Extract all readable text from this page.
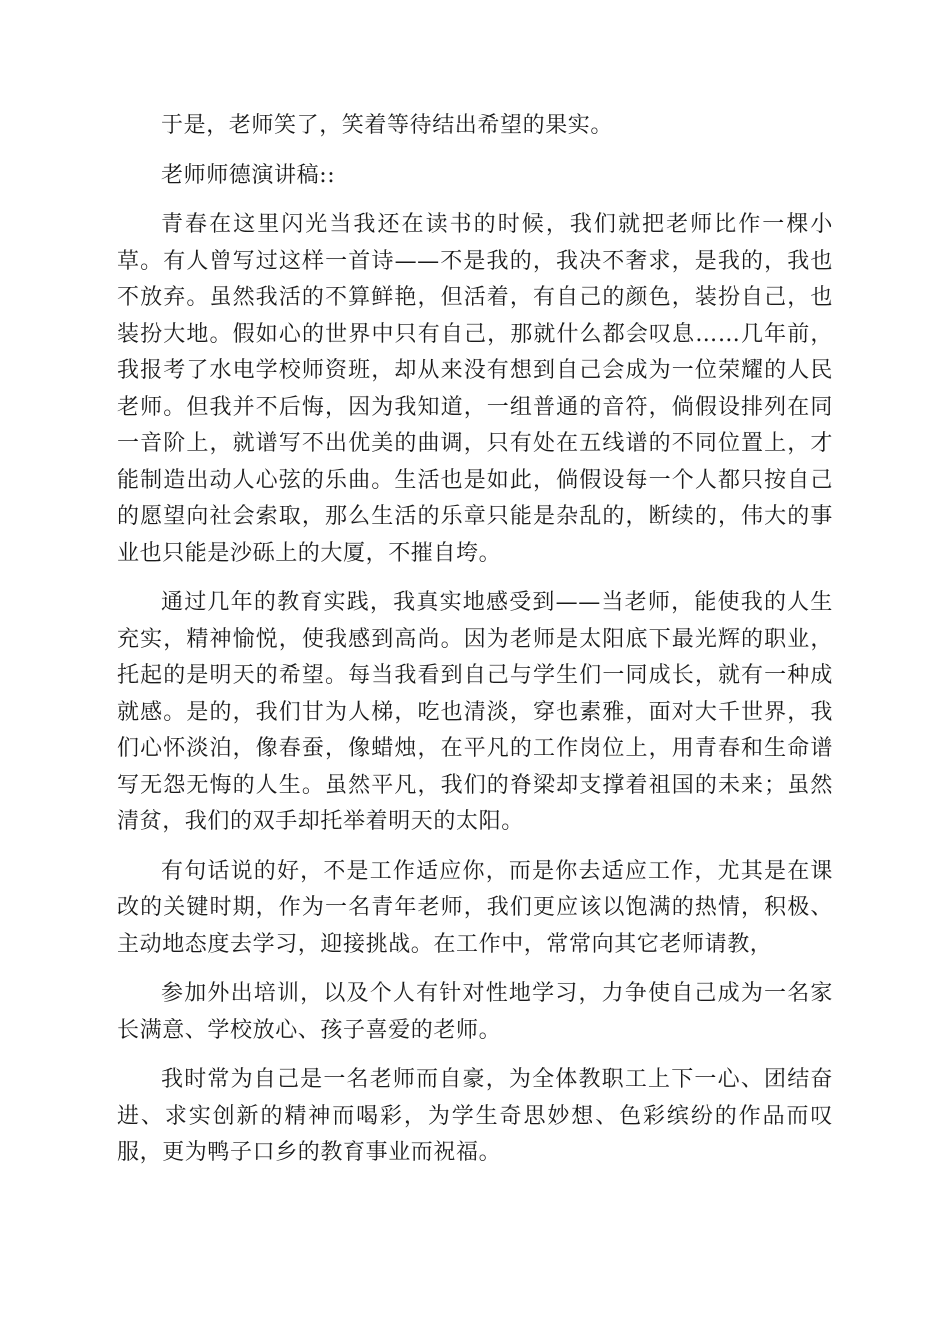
于是，老师笑了，笑着等待结出希望的果实。

老师师德演讲稿::

青春在这里闪光当我还在读书的时候，我们就把老师比作一棵小草。有人曾写过这样一首诗——不是我的，我决不奢求，是我的，我也不放弃。虽然我活的不算鲜艳，但活着，有自己的颜色，装扮自己，也装扮大地。假如心的世界中只有自己，那就什么都会叹息……几年前，我报考了水电学校师资班，却从来没有想到自己会成为一位荣耀的人民老师。但我并不后悔，因为我知道，一组普通的音符，倘假设排列在同一音阶上，就谱写不出优美的曲调，只有处在五线谱的不同位置上，才能制造出动人心弦的乐曲。生活也是如此，倘假设每一个人都只按自己的愿望向社会索取，那么生活的乐章只能是杂乱的，断续的，伟大的事业也只能是沙砾上的大厦，不摧自垮。

通过几年的教育实践，我真实地感受到——当老师，能使我的人生充实，精神愉悦，使我感到高尚。因为老师是太阳底下最光辉的职业，托起的是明天的希望。每当我看到自己与学生们一同成长，就有一种成就感。是的，我们甘为人梯，吃也清淡，穿也素雅，面对大千世界，我们心怀淡泊，像春蚕，像蜡烛，在平凡的工作岗位上，用青春和生命谱写无怨无悔的人生。虽然平凡，我们的脊梁却支撑着祖国的未来；虽然清贫，我们的双手却托举着明天的太阳。

有句话说的好，不是工作适应你，而是你去适应工作，尤其是在课改的关键时期，作为一名青年老师，我们更应该以饱满的热情，积极、主动地态度去学习，迎接挑战。在工作中，常常向其它老师请教，

参加外出培训，以及个人有针对性地学习，力争使自己成为一名家长满意、学校放心、孩子喜爱的老师。

我时常为自己是一名老师而自豪，为全体教职工上下一心、团结奋进、求实创新的精神而喝彩，为学生奇思妙想、色彩缤纷的作品而叹服，更为鸭子口乡的教育事业而祝福。
